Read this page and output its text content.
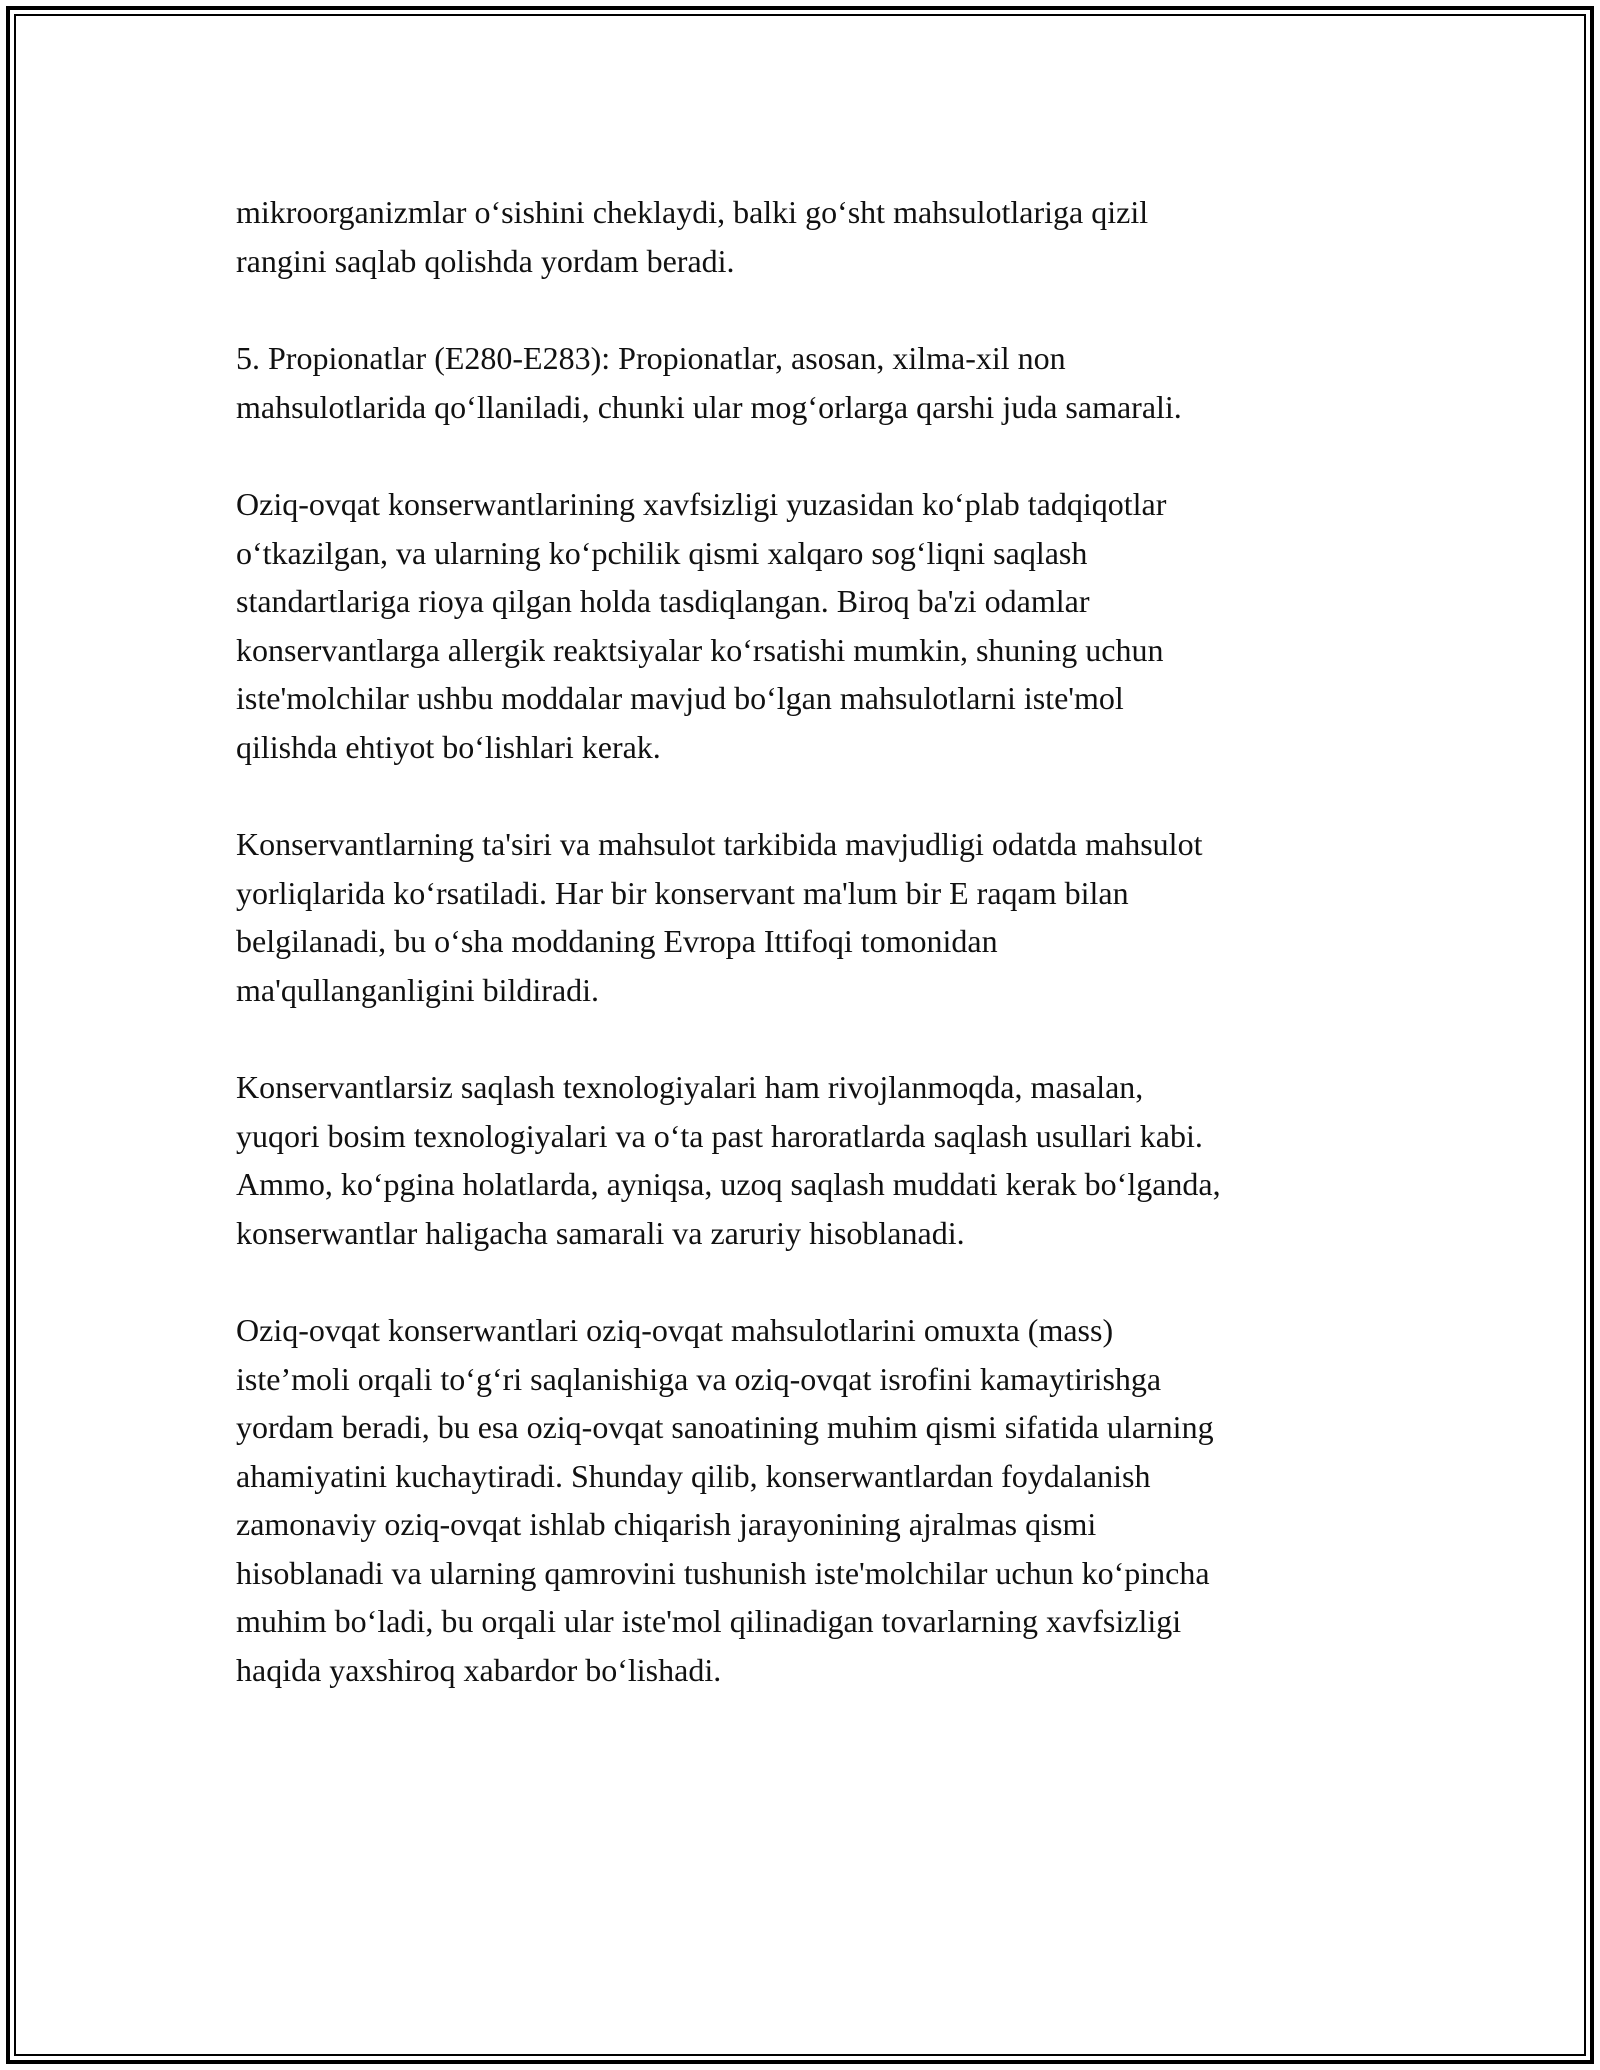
mikroorganizmlar o‘sishini cheklaydi, balki go‘sht mahsulotlariga qizil
rangini saqlab qolishda yordam beradi.

5. Propionatlar (E280-E283): Propionatlar, asosan, xilma-xil non
mahsulotlarida qo‘llaniladi, chunki ular mog‘orlarga qarshi juda samarali.

Oziq-ovqat konserwantlarining xavfsizligi yuzasidan ko‘plab tadqiqotlar
o‘tkazilgan, va ularning ko‘pchilik qismi xalqaro sog‘liqni saqlash
standartlariga rioya qilgan holda tasdiqlangan. Biroq ba'zi odamlar
konservantlarga allergik reaktsiyalar ko‘rsatishi mumkin, shuning uchun
iste'molchilar ushbu moddalar mavjud bo‘lgan mahsulotlarni iste'mol
qilishda ehtiyot bo‘lishlari kerak.

Konservantlarning ta'siri va mahsulot tarkibida mavjudligi odatda mahsulot
yorliqlarida ko‘rsatiladi. Har bir konservant ma'lum bir E raqam bilan
belgilanadi, bu o‘sha moddaning Evropa Ittifoqi tomonidan
ma'qullanganligini bildiradi.

Konservantlarsiz saqlash texnologiyalari ham rivojlanmoqda, masalan,
yuqori bosim texnologiyalari va o‘ta past haroratlarda saqlash usullari kabi.
Ammo, ko‘pgina holatlarda, ayniqsa, uzoq saqlash muddati kerak bo‘lganda,
konserwantlar haligacha samarali va zaruriy hisoblanadi.

Oziq-ovqat konserwantlari oziq-ovqat mahsulotlarini omuxta (mass)
iste’moli orqali to‘g‘ri saqlanishiga va oziq-ovqat isrofini kamaytirishga
yordam beradi, bu esa oziq-ovqat sanoatining muhim qismi sifatida ularning
ahamiyatini kuchaytiradi. Shunday qilib, konserwantlardan foydalanish
zamonaviy oziq-ovqat ishlab chiqarish jarayonining ajralmas qismi
hisoblanadi va ularning qamrovini tushunish iste'molchilar uchun ko‘pincha
muhim bo‘ladi, bu orqali ular iste'mol qilinadigan tovarlarning xavfsizligi
haqida yaxshiroq xabardor bo‘lishadi.
